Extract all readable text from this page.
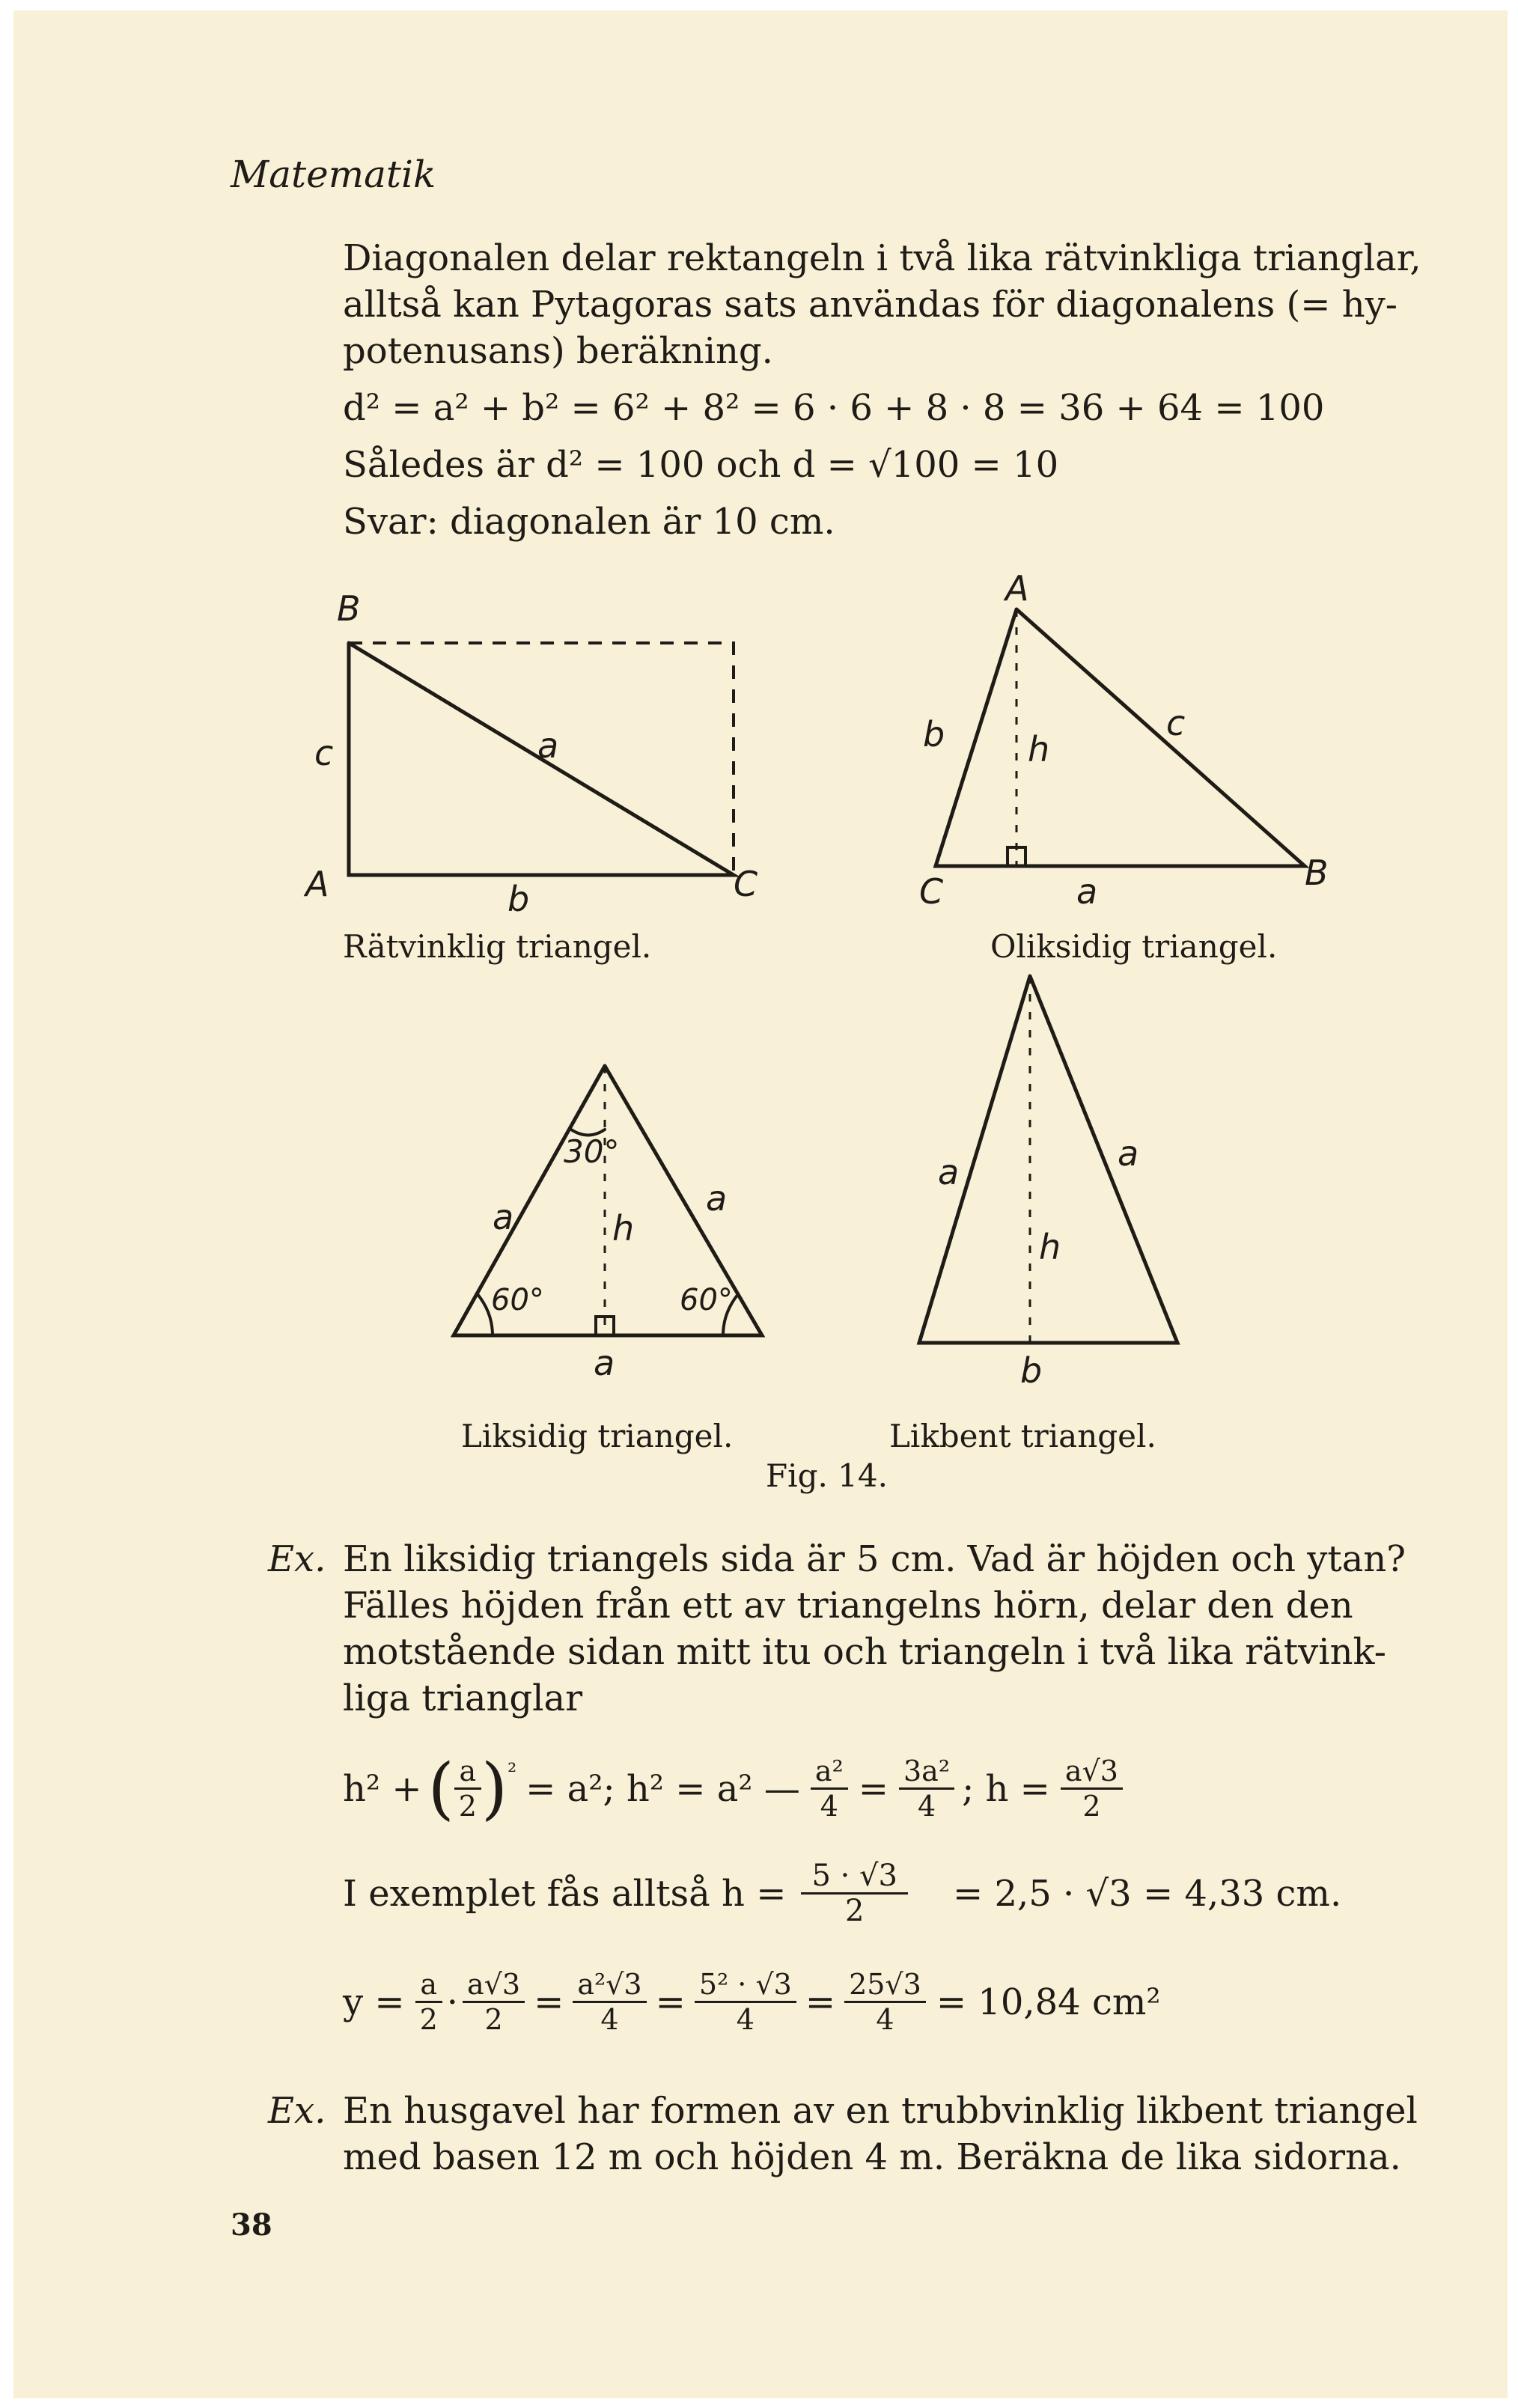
Matematik
Diagonalen delar rektangeln i två lika rätvinkliga trianglar,
alltså kan Pytagoras sats användas för diagonalens (= hy-
potenusans) beräkning.
d² = a² + b² = 6² + 8² = 6 · 6 + 8 · 8 = 36 + 64 = 100
Således är d² = 100 och d = √100 = 10
Svar: diagonalen är 10 cm.
B
c
A
a
b	C
Rätvinklig triangel.
A
b h
c
C	a	B
Oliksidig triangel.
30°
a	a
h
60°	60°
a
a	a
h
b
Liksidig triangel.	Likbent triangel.
Fig. 14.
Ex. En liksidig triangels sida är 5 cm. Vad är höjden och ytan?
Fälles höjden från ett av triangelns hörn, delar den den
motstående sidan mitt itu och triangeln i två lika rätvink-
liga trianglar
h² + ( $\frac{a}{2}$ ) ² = a²; h² = a² — $\frac{\text{a²}}{4} = \frac{\text{3a²}}{4}$ ; $h = \frac{a√3}{2}$
I exemplet fås alltså $h = \frac{5 \cdot √3}{2} = 2,5 \cdot √3 = 4,33$ cm.
$y = \frac{a}{2} \cdot \frac{a√3}{2} = \frac{\text{a²√3}}{4} = \frac{\text{5² · √3}}{4} = \frac{25√3}{4} = 10,84$ cm²
Ex. En husgavel har formen av en trubbvinklig likbent triangel
med basen 12 m och höjden 4 m. Beräkna de lika sidorna.
38
